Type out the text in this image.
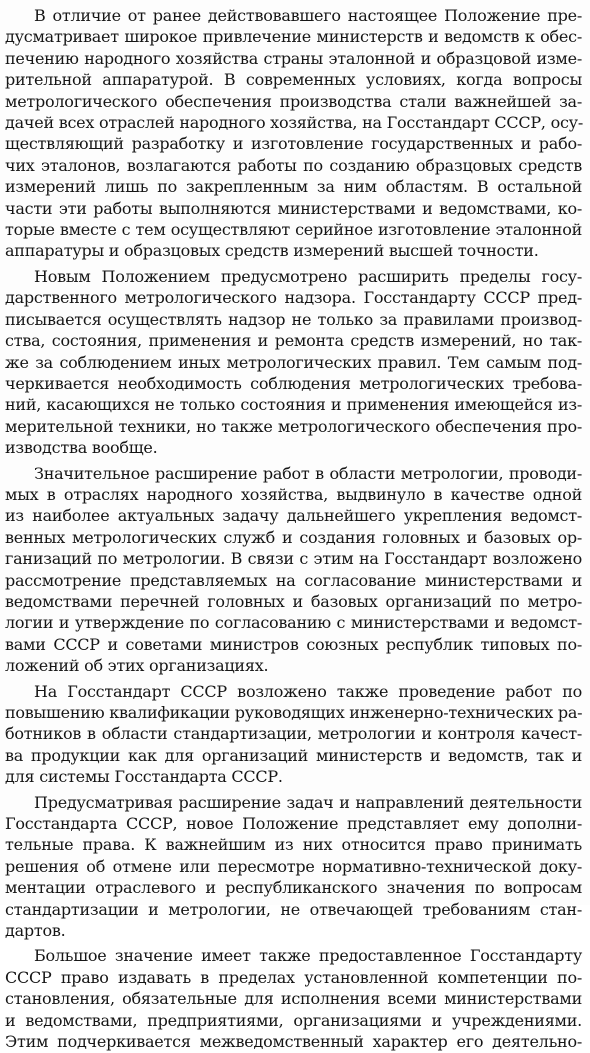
В отличие от ранее действовавшего настоящее Положение пре-
дусматривает широкое привлечение министерств и ведомств к обес-
печению народного хозяйства страны эталонной и образцовой измe-
рительной аппаратурой. В современных условиях, когда вопросы
метрологического обеспечения производства стали важнейшей за-
дачей всех отраслей народного хозяйства, на Госстандарт СССР, осу-
ществляющий разработку и изготовление государственных и рабо-
чих эталонов, возлагаются работы по созданию образцовых средств
измерений лишь по закрепленным за ним областям. В остальной
части эти работы выполняются министерствами и ведомствами, ко-
торые вместе с тем осуществляют серийное изготовление эталонной
аппаратуры и образцовых средств измерений высшей точности.
Новым Положением предусмотрено расширить пределы госу-
дарственного метрологического надзора. Госстандарту СССР пред-
писывается осуществлять надзор не только за правилами производ-
ства, состояния, применения и ремонта средств измерений, но так-
же за соблюдением иных метрологических правил. Тем самым под-
черкивается необходимость соблюдения метрологических требова-
ний, касающихся не только состояния и применения имеющейся из-
мерительной техники, но также метрологического обеспечения про-
изводства вообще.
Значительное расширение работ в области метрологии, проводи-
мых в отраслях народного хозяйства, выдвинуло в качестве одной
из наиболее актуальных задачу дальнейшего укрепления ведомст-
венных метрологических служб и создания головных и базовых ор-
ганизаций по метрологии. В связи с этим на Госстандарт возложено
рассмотрение представляемых на согласование министерствами и
ведомствами перечней головных и базовых организаций по метро-
логии и утверждение по согласованию с министерствами и ведомст-
вами СССР и советами министров союзных республик типовых по-
ложений об этих организациях.
На Госстандарт СССР возложено также проведение работ по
повышению квалификации руководящих инженерно-технических ра-
ботников в области стандартизации, метрологии и контроля качест-
ва продукции как для организаций министерств и ведомств, так и
для системы Госстандарта СССР.
Предусматривая расширение задач и направлений деятельности
Госстандарта СССР, новое Положение представляет ему дополни-
тельные права. К важнейшим из них относится право принимать
решения об отмене или пересмотре нормативно-технической доку-
ментации отраслевого и республиканского значения по вопросам
стандартизации и метрологии, не отвечающей требованиям стан-
дартов.
Большое значение имеет также предоставленное Госстандарту
СССР право издавать в пределах установленной компетенции по-
становления, обязательные для исполнения всеми министерствами
и ведомствами, предприятиями, организациями и учреждениями.
Этим подчеркивается межведомственный характер его деятельно-
